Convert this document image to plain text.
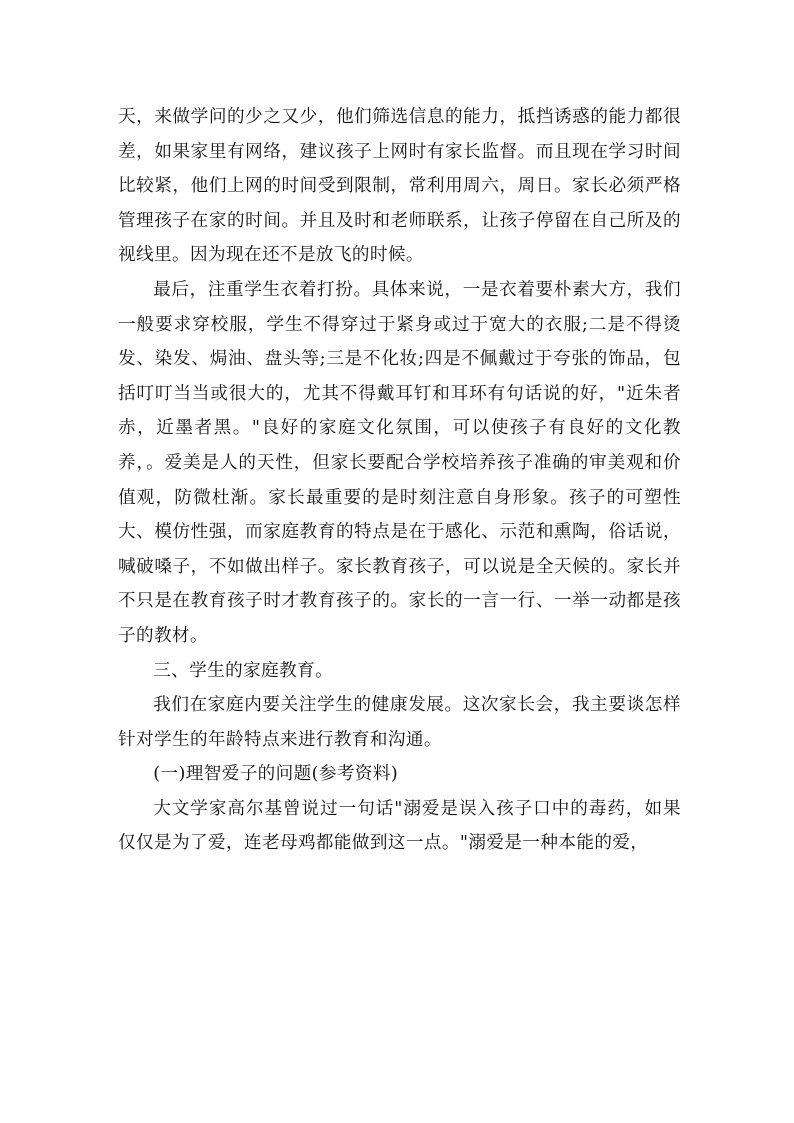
天，来做学问的少之又少，他们筛选信息的能力，抵挡诱惑的能力都很差，如果家里有网络，建议孩子上网时有家长监督。而且现在学习时间比较紧，他们上网的时间受到限制，常利用周六，周日。家长必须严格管理孩子在家的时间。并且及时和老师联系，让孩子停留在自己所及的视线里。因为现在还不是放飞的时候。

最后，注重学生衣着打扮。具体来说，一是衣着要朴素大方，我们一般要求穿校服，学生不得穿过于紧身或过于宽大的衣服;二是不得烫发、染发、焗油、盘头等;三是不化妆;四是不佩戴过于夸张的饰品，包括叮叮当当或很大的，尤其不得戴耳钉和耳环有句话说的好，"近朱者赤，近墨者黑。"良好的家庭文化氛围，可以使孩子有良好的文化教养，。爱美是人的天性，但家长要配合学校培养孩子准确的审美观和价值观，防微杜渐。家长最重要的是时刻注意自身形象。孩子的可塑性大、模仿性强，而家庭教育的特点是在于感化、示范和熏陶，俗话说，喊破嗓子，不如做出样子。家长教育孩子，可以说是全天候的。家长并不只是在教育孩子时才教育孩子的。家长的一言一行、一举一动都是孩子的教材。

三、学生的家庭教育。

我们在家庭内要关注学生的健康发展。这次家长会，我主要谈怎样针对学生的年龄特点来进行教育和沟通。

(一)理智爱子的问题(参考资料)

大文学家高尔基曾说过一句话"溺爱是误入孩子口中的毒药，如果仅仅是为了爱，连老母鸡都能做到这一点。"溺爱是一种本能的爱，
